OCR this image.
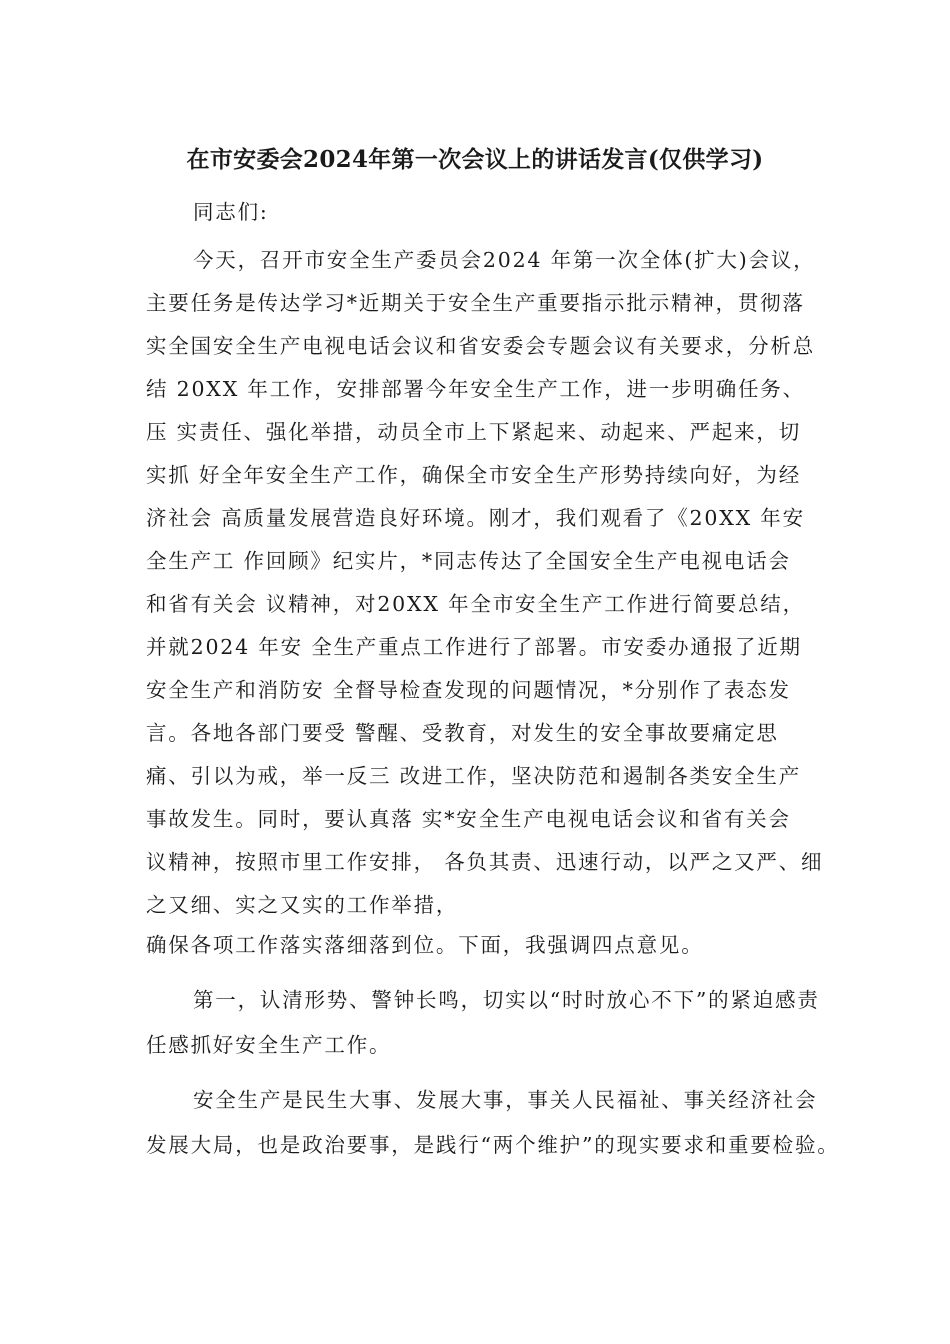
在市安委会2024年第一次会议上的讲话发言(仅供学习)
同志们:
今天，召开市安全生产委员会2024 年第一次全体(扩大)会议，
主要任务是传达学习*近期关于安全生产重要指示批示精神，贯彻落
实全国安全生产电视电话会议和省安委会专题会议有关要求，分析总
结 20XX 年工作，安排部署今年安全生产工作，进一步明确任务、
压 实责任、强化举措，动员全市上下紧起来、动起来、严起来，切
实抓 好全年安全生产工作，确保全市安全生产形势持续向好，为经
济社会 高质量发展营造良好环境。刚才，我们观看了《20XX 年安
全生产工 作回顾》纪实片，*同志传达了全国安全生产电视电话会
和省有关会 议精神，对20XX 年全市安全生产工作进行简要总结，
并就2024 年安 全生产重点工作进行了部署。市安委办通报了近期
安全生产和消防安 全督导检查发现的问题情况，*分别作了表态发
言。各地各部门要受 警醒、受教育，对发生的安全事故要痛定思
痛、引以为戒，举一反三 改进工作，坚决防范和遏制各类安全生产
事故发生。同时，要认真落 实*安全生产电视电话会议和省有关会
议精神，按照市里工作安排， 各负其责、迅速行动，以严之又严、细
之又细、实之又实的工作举措，
确保各项工作落实落细落到位。下面，我强调四点意见。
第一，认清形势、警钟长鸣，切实以“时时放心不下”的紧迫感责
任感抓好安全生产工作。
安全生产是民生大事、发展大事，事关人民福祉、事关经济社会
发展大局，也是政治要事，是践行“两个维护”的现实要求和重要检验。
